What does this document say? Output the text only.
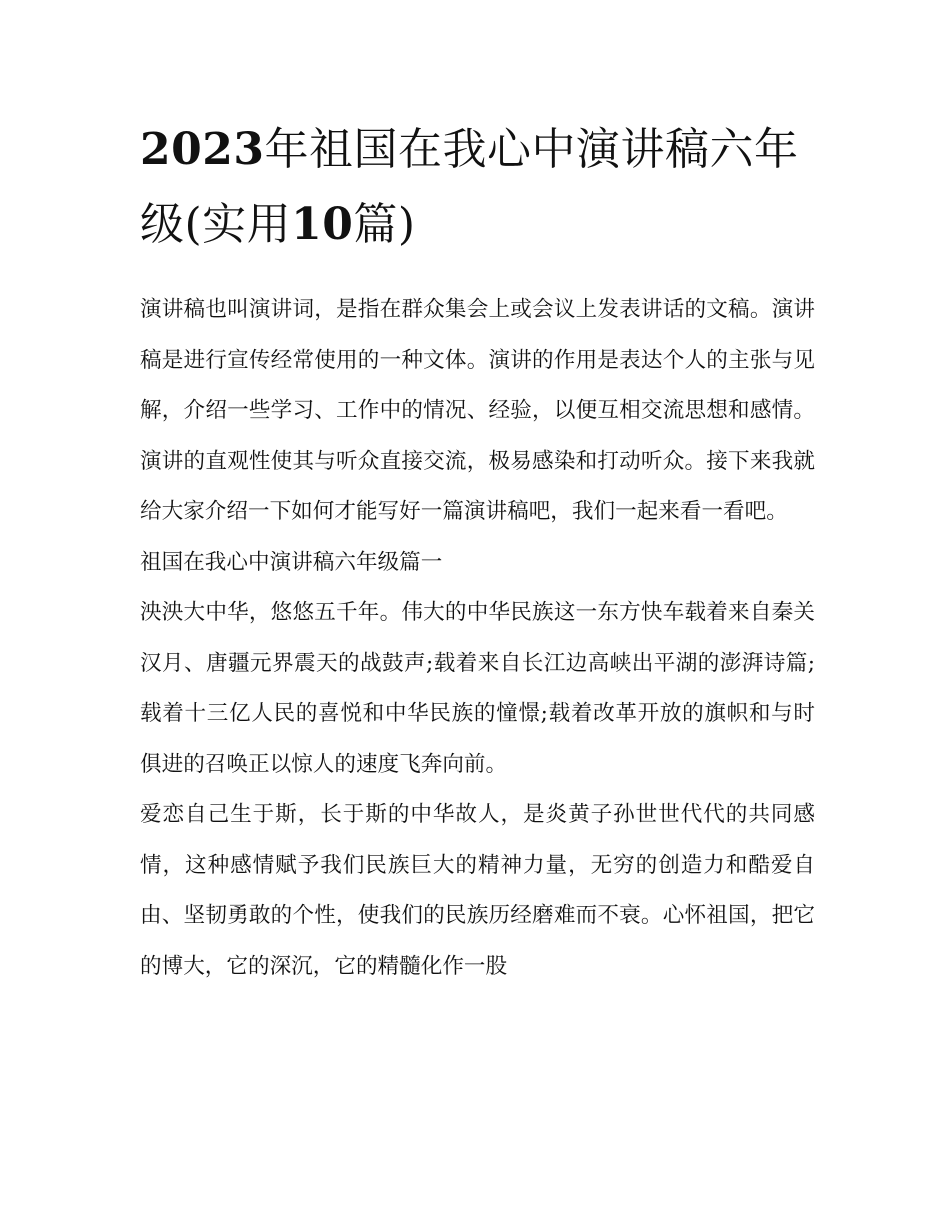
2023年祖国在我心中演讲稿六年级(实用10篇)

演讲稿也叫演讲词，是指在群众集会上或会议上发表讲话的文稿。演讲稿是进行宣传经常使用的一种文体。演讲的作用是表达个人的主张与见解，介绍一些学习、工作中的情况、经验，以便互相交流思想和感情。演讲的直观性使其与听众直接交流，极易感染和打动听众。接下来我就给大家介绍一下如何才能写好一篇演讲稿吧，我们一起来看一看吧。

祖国在我心中演讲稿六年级篇一

泱泱大中华，悠悠五千年。伟大的中华民族这一东方快车载着来自秦关汉月、唐疆元界震天的战鼓声;载着来自长江边高峡出平湖的澎湃诗篇;载着十三亿人民的喜悦和中华民族的憧憬;载着改革开放的旗帜和与时俱进的召唤正以惊人的速度飞奔向前。

爱恋自己生于斯，长于斯的中华故人，是炎黄子孙世世代代的共同感情，这种感情赋予我们民族巨大的精神力量，无穷的创造力和酷爱自由、坚韧勇敢的个性，使我们的民族历经磨难而不衰。心怀祖国，把它的博大，它的深沉，它的精髓化作一股
